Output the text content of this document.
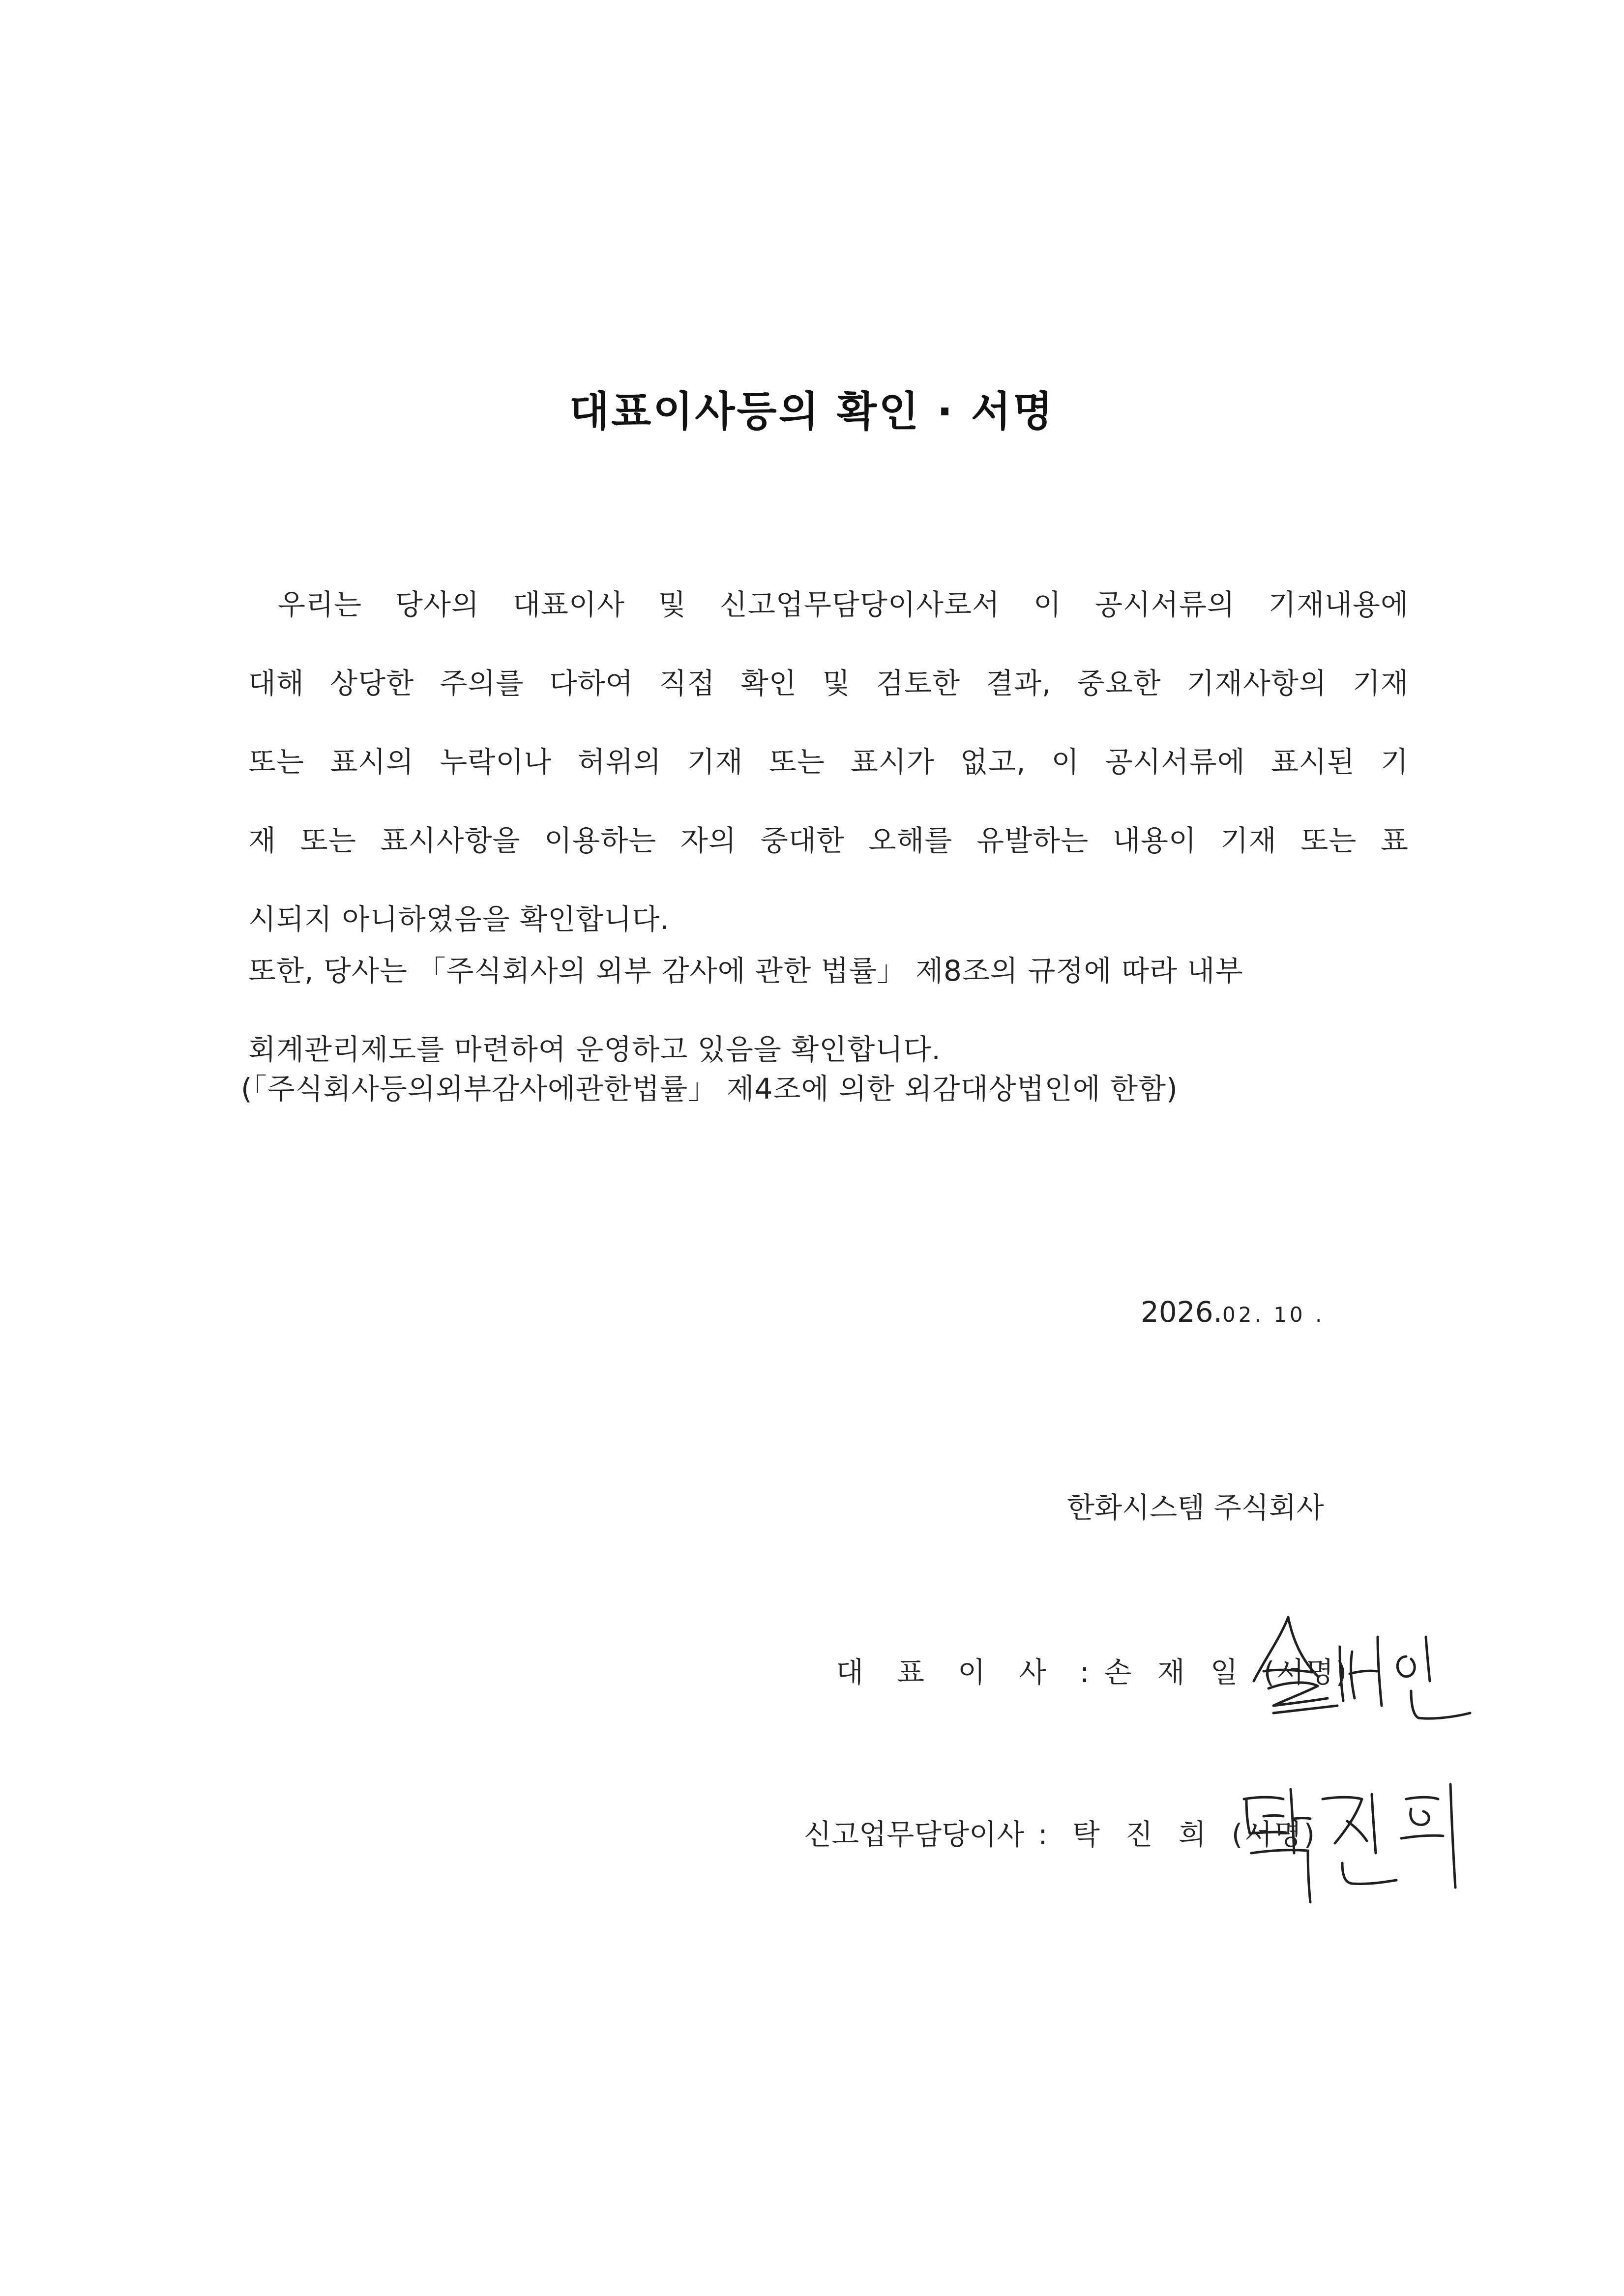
대표이사등의 확인 · 서명
우리는 당사의 대표이사 및 신고업무담당이사로서 이 공시서류의 기재내용에
대해 상당한 주의를 다하여 직접 확인 및 검토한 결과, 중요한 기재사항의 기재
또는 표시의 누락이나 허위의 기재 또는 표시가 없고, 이 공시서류에 표시된 기
재 또는 표시사항을 이용하는 자의 중대한 오해를 유발하는 내용이 기재 또는 표
시되지 아니하였음을 확인합니다.
또한, 당사는 「주식회사의 외부 감사에 관한 법률」 제8조의 규정에 따라 내부
회계관리제도를 마련하여 운영하고 있음을 확인합니다.
(「주식회사등의외부감사에관한법률」 제4조에 의한 외감대상법인에 한함)
2026.02. 10 .
한화시스템 주식회사
대표이사: 손재일(서명)
신고업무담당이사 : 탁진희(서명)
